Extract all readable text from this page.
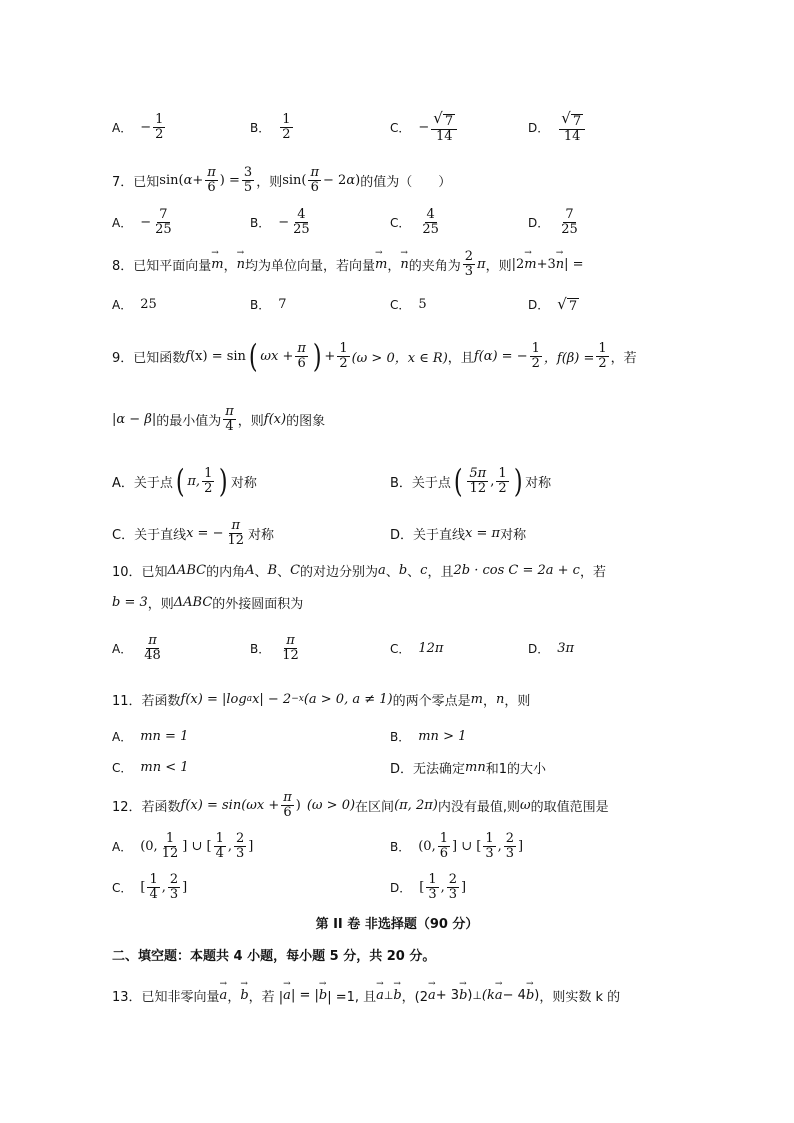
A． − $\frac{1}{2}$	B． $\frac{1}{2}$	C． − $\frac{√ 7}{14}$	D． $\frac{√ 7}{14}$
7．已知 sin( $\alpha + \frac{\pi}{6}$ ) = $\frac{3}{5}$ ，则 $\sin( \frac{\pi}{6} - 2$ α ) 的值为（　　）
A． − $\frac{7}{25}$	B． − $\frac{4}{25}$	C． $\frac{4}{25}$	D． $\frac{7}{25}$
8．已知平面向量 m → ， n → 均为单位向量，若向量 m → ， n → 的夹角为 $\frac{2}{3}$ π ，则 |2 m → +3 n → | =
A． 25	B． 7	C． 5	D． √ 7
9．已知函数 f (x) = sin ( $\omega x + \frac{\pi}{6}$ ) + $\frac{1}{2} (\omega > 0$，x ∈ R) ，且 f(α) = − $\frac{1}{2}$ ，$f(\beta) = \frac{1}{2}$ ，若
|α − β| 的最小值为 $\frac{\pi}{4}$ ，则 f(x) 的图象
A．关于点 ( π, $\frac{1}{2}$ ) 对称	B．关于点 ( $\frac{5\pi}{12}$ , $\frac{1}{2}$ ) 对称
C．关于直线 x = − $\frac{\pi}{12}$ 对称	D．关于直线 x = π 对称
10．已知 ΔABC 的内角 A 、 B 、 C 的对边分别为 a 、 b 、 c ，且 2b · cos C = 2a + c ，若
b = 3 ，则 ΔABC 的外接圆面积为
A． $\frac{\pi}{48}$	B． $\frac{\pi}{12}$	C． 12π	D． 3π
11．若函数 f(x) = |log a x| − 2 −x (a > 0, a ≠ 1) 的两个零点是 m ， n ，则
A． mn = 1	B． mn > 1
C． mn < 1	D．无法确定 mn 和1的大小
12．若函数 $f(x) = \sin(\omega x + \frac{\pi}{6}$ ) (ω > 0) 在区间 (π, 2π) 内没有最值,则 ω 的取值范围是
A． (0, $\frac{1}{12}$ ] ∪ [ $\frac{1}{4}$ , $\frac{2}{3}$ ]	B． (0, $\frac{1}{6}$ ] ∪ [ $\frac{1}{3}$ , $\frac{2}{3}$ ]
C． [ $\frac{1}{4}$ , $\frac{2}{3}$ ]	D． [ $\frac{1}{3}$ , $\frac{2}{3}$ ]
第 II 卷 非选择题（90 分）
二、填空题：本题共 4 小题，每小题 5 分，共 20 分。
13．已知非零向量 a → ， b → ，若 | a → | = | b → | =1, 且 a → ⊥ b → ，(2 a → + 3 b → ) ⊥ (k a → − 4 b → ) ，则实数 k 的
